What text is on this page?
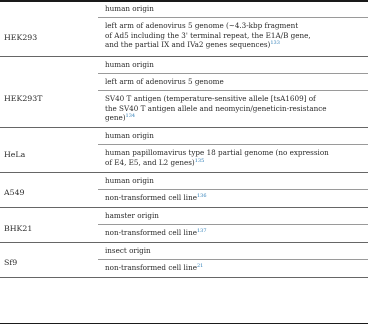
HEK293
human origin
left arm of adenovirus 5 genome (~4.3-kbp fragment
of Ad5 including the 3' terminal repeat, the E1A/B gene,
and the partial IX and IVa2 genes sequences)$^{133}$
HEK293T
human origin
left arm of adenovirus 5 genome
SV40 T antigen (temperature-sensitive allele [tsA1609] of
the SV40 T antigen allele and neomycin/geneticin-resistance
gene)$^{134}$
HeLa
human origin
human papillomavirus type 18 partial genome (no expression
of E4, E5, and L2 genes)$^{135}$
A549
human origin
non-transformed cell line$^{136}$
BHK21
hamster origin
non-transformed cell line$^{137}$
Sf9
insect origin
non-transformed cell line$^{21}$
